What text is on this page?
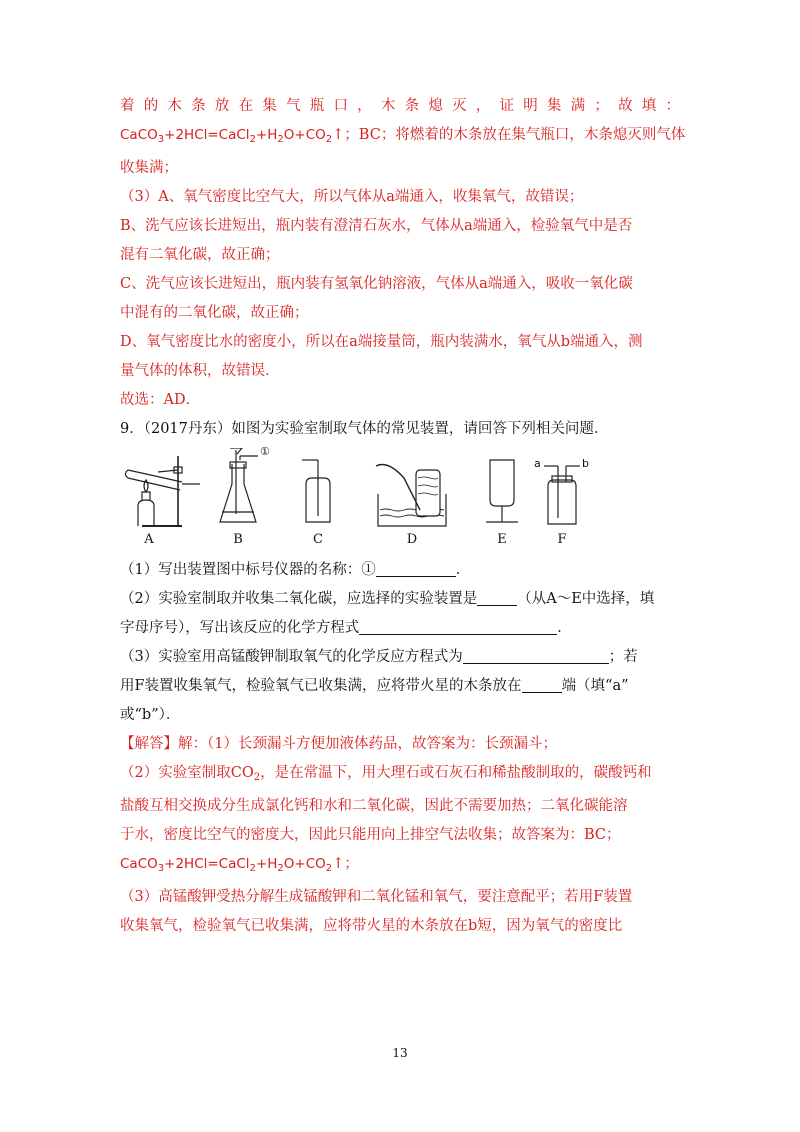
着的木条放在集气瓶口，木条熄灭，证明集满；故填：
$CaCO_3+2HCl=CaCl_2+H_2O+CO_2↑$；BC；将燃着的木条放在集气瓶口，木条熄灭则气体
收集满；
（3）A、氧气密度比空气大，所以气体从a端通入，收集氧气，故错误；
B、洗气应该长进短出，瓶内装有澄清石灰水，气体从a端通入，检验氧气中是否
混有二氧化碳，故正确；
C、洗气应该长进短出，瓶内装有氢氧化钠溶液，气体从a端通入，吸收一氧化碳
中混有的二氧化碳，故正确；
D、氧气密度比水的密度小，所以在a端接量筒，瓶内装满水，氧气从b端通入，测
量气体的体积，故错误．
故选：AD．
9．（2017丹东）如图为实验室制取气体的常见装置，请回答下列相关问题．
A	B	C	D	E	F
①
a	b
（1）写出装置图中标号仪器的名称：①	．
（2）实验室制取并收集二氧化碳，应选择的实验装置是	（从A～E中选择，填
字母序号），写出该反应的化学方程式	．
（3）实验室用高锰酸钾制取氧气的化学反应方程式为	；若
用F装置收集氧气，检验氧气已收集满，应将带火星的木条放在	端（填“a”
或“b”）．
【解答】解：（1）长颈漏斗方便加液体药品，故答案为：长颈漏斗；
（2）实验室制取$CO_2$，是在常温下，用大理石或石灰石和稀盐酸制取的，碳酸钙和
盐酸互相交换成分生成氯化钙和水和二氧化碳，因此不需要加热；二氧化碳能溶
于水，密度比空气的密度大，因此只能用向上排空气法收集；故答案为：BC；
$CaCO_3+2HCl=CaCl_2+H_2O+CO_2↑$；
（3）高锰酸钾受热分解生成锰酸钾和二氧化锰和氧气，要注意配平；若用F装置
收集氧气，检验氧气已收集满，应将带火星的木条放在b短，因为氧气的密度比
13
